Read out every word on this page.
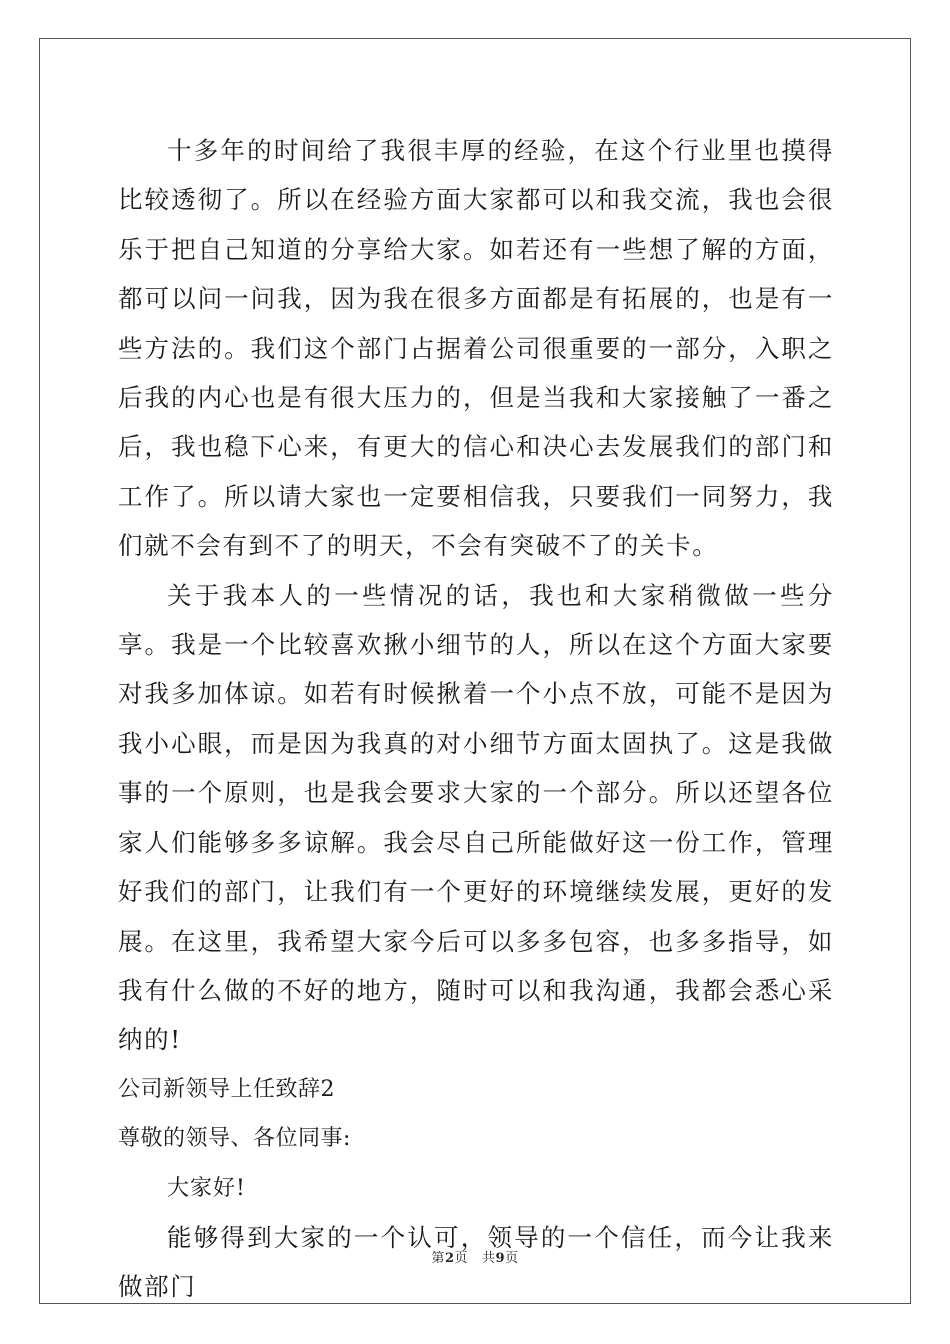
十多年的时间给了我很丰厚的经验，在这个行业里也摸得比较透彻了。所以在经验方面大家都可以和我交流，我也会很乐于把自己知道的分享给大家。如若还有一些想了解的方面，都可以问一问我，因为我在很多方面都是有拓展的，也是有一些方法的。我们这个部门占据着公司很重要的一部分，入职之后我的内心也是有很大压力的，但是当我和大家接触了一番之后，我也稳下心来，有更大的信心和决心去发展我们的部门和工作了。所以请大家也一定要相信我，只要我们一同努力，我们就不会有到不了的明天，不会有突破不了的关卡。

关于我本人的一些情况的话，我也和大家稍微做一些分享。我是一个比较喜欢揪小细节的人，所以在这个方面大家要对我多加体谅。如若有时候揪着一个小点不放，可能不是因为我小心眼，而是因为我真的对小细节方面太固执了。这是我做事的一个原则，也是我会要求大家的一个部分。所以还望各位家人们能够多多谅解。我会尽自己所能做好这一份工作，管理好我们的部门，让我们有一个更好的环境继续发展，更好的发展。在这里，我希望大家今后可以多多包容，也多多指导，如我有什么做的不好的地方，随时可以和我沟通，我都会悉心采纳的!

公司新领导上任致辞2

尊敬的领导、各位同事:

大家好!

能够得到大家的一个认可，领导的一个信任，而今让我来做部门

第2页 共9页
